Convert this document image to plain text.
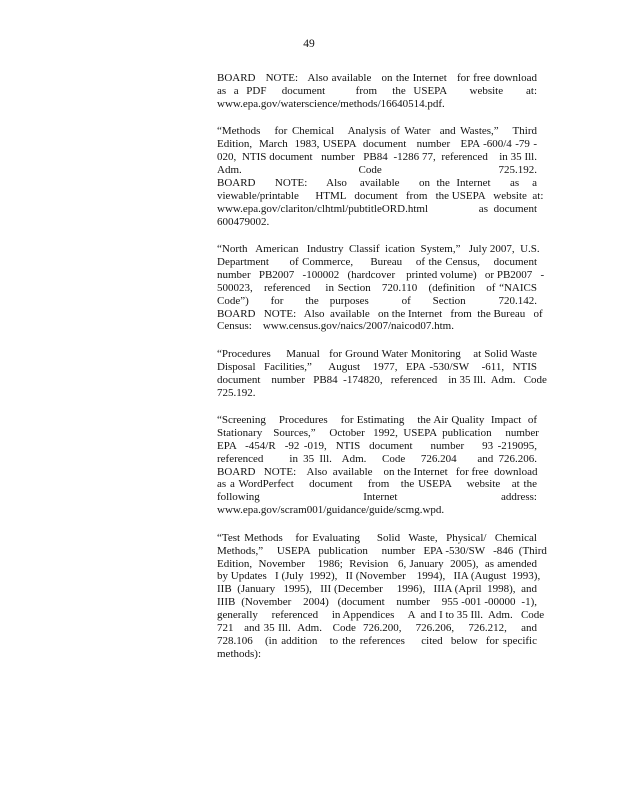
49
BOARD   NOTE:   Also available   on the Internet   for free download
as a PDF  document    from  the USEPA   website   at:
www.epa.gov/waterscience/methods/16640514.pdf.
“Methods   for Chemical   Analysis of Water  and Wastes,”   Third
Edition,  March  1983, USEPA  document   number   EPA -600/4 -79 -
020,  NTIS document   number   PB84  -1286 77,  referenced    in 35 Ill.
Adm.   Code   725.192.
BOARD   NOTE:   Also  available   on the Internet   as  a
viewable/printable      HTML   document   from   the USEPA   website  at:
www.epa.gov/clariton/clhtml/pubtitleORD.html                  as  document
600479002.
“North   American   Industry  Classif  ication  System,”   July 2007,  U.S.
Department      of Commerce,     Bureau    of the Census,    document
number   PB2007   -100002   (hardcover    printed volume)   or PB2007   -
500023,   referenced    in Section   720.110   (definition   of “NAICS
Code”)  for  the purposes   of  Section   720.142.
BOARD   NOTE:   Also  available   on the Internet   from  the Bureau   of
Census:    www.census.gov/naics/2007/naicod07.htm.
“Procedures     Manual   for Ground Water Monitoring    at Solid Waste
Disposal  Facilities,”    August   1977,  EPA -530/SW   -611,  NTIS
document    number   PB84  -174820,   referenced    in 35 Ill.  Adm.   Code
725.192.
“Screening    Procedures    for Estimating    the Air Quality  Impact  of
Stationary    Sources,”     October   1992,  USEPA  publication     number
EPA  -454/R  -92 -019,  NTIS  document    number    93 -219095,
referenced     in 35 Ill.  Adm.   Code   726.204    and 726.206.
BOARD   NOTE:    Also  available    on the Internet   for free  download
as a WordPerfect    document    from   the USEPA    website   at the
following    Internet    address:
www.epa.gov/scram001/guidance/guide/scmg.wpd.
“Test Methods   for Evaluating    Solid  Waste,  Physical/  Chemical
Methods,”     USEPA   publication     number   EPA -530/SW   -846  (Third
Edition,  November    1986;  Revision   6, January  2005),  as amended
by Updates   I (July  1992),   II (November    1994),   IIA (August  1993),
IIB  (January   1995),   III (December     1996),   IIIA (April  1998),  and
IIIB  (November    2004)   (document    number    955 -001 -00000  -1),
generally     referenced     in Appendices     A  and I to 35 Ill.  Adm.   Code
721   and 35 Ill.  Adm.   Code  726.200,    726.206,    726.212,    and
728.106   (in addition   to the references    cited  below  for specific
methods):
